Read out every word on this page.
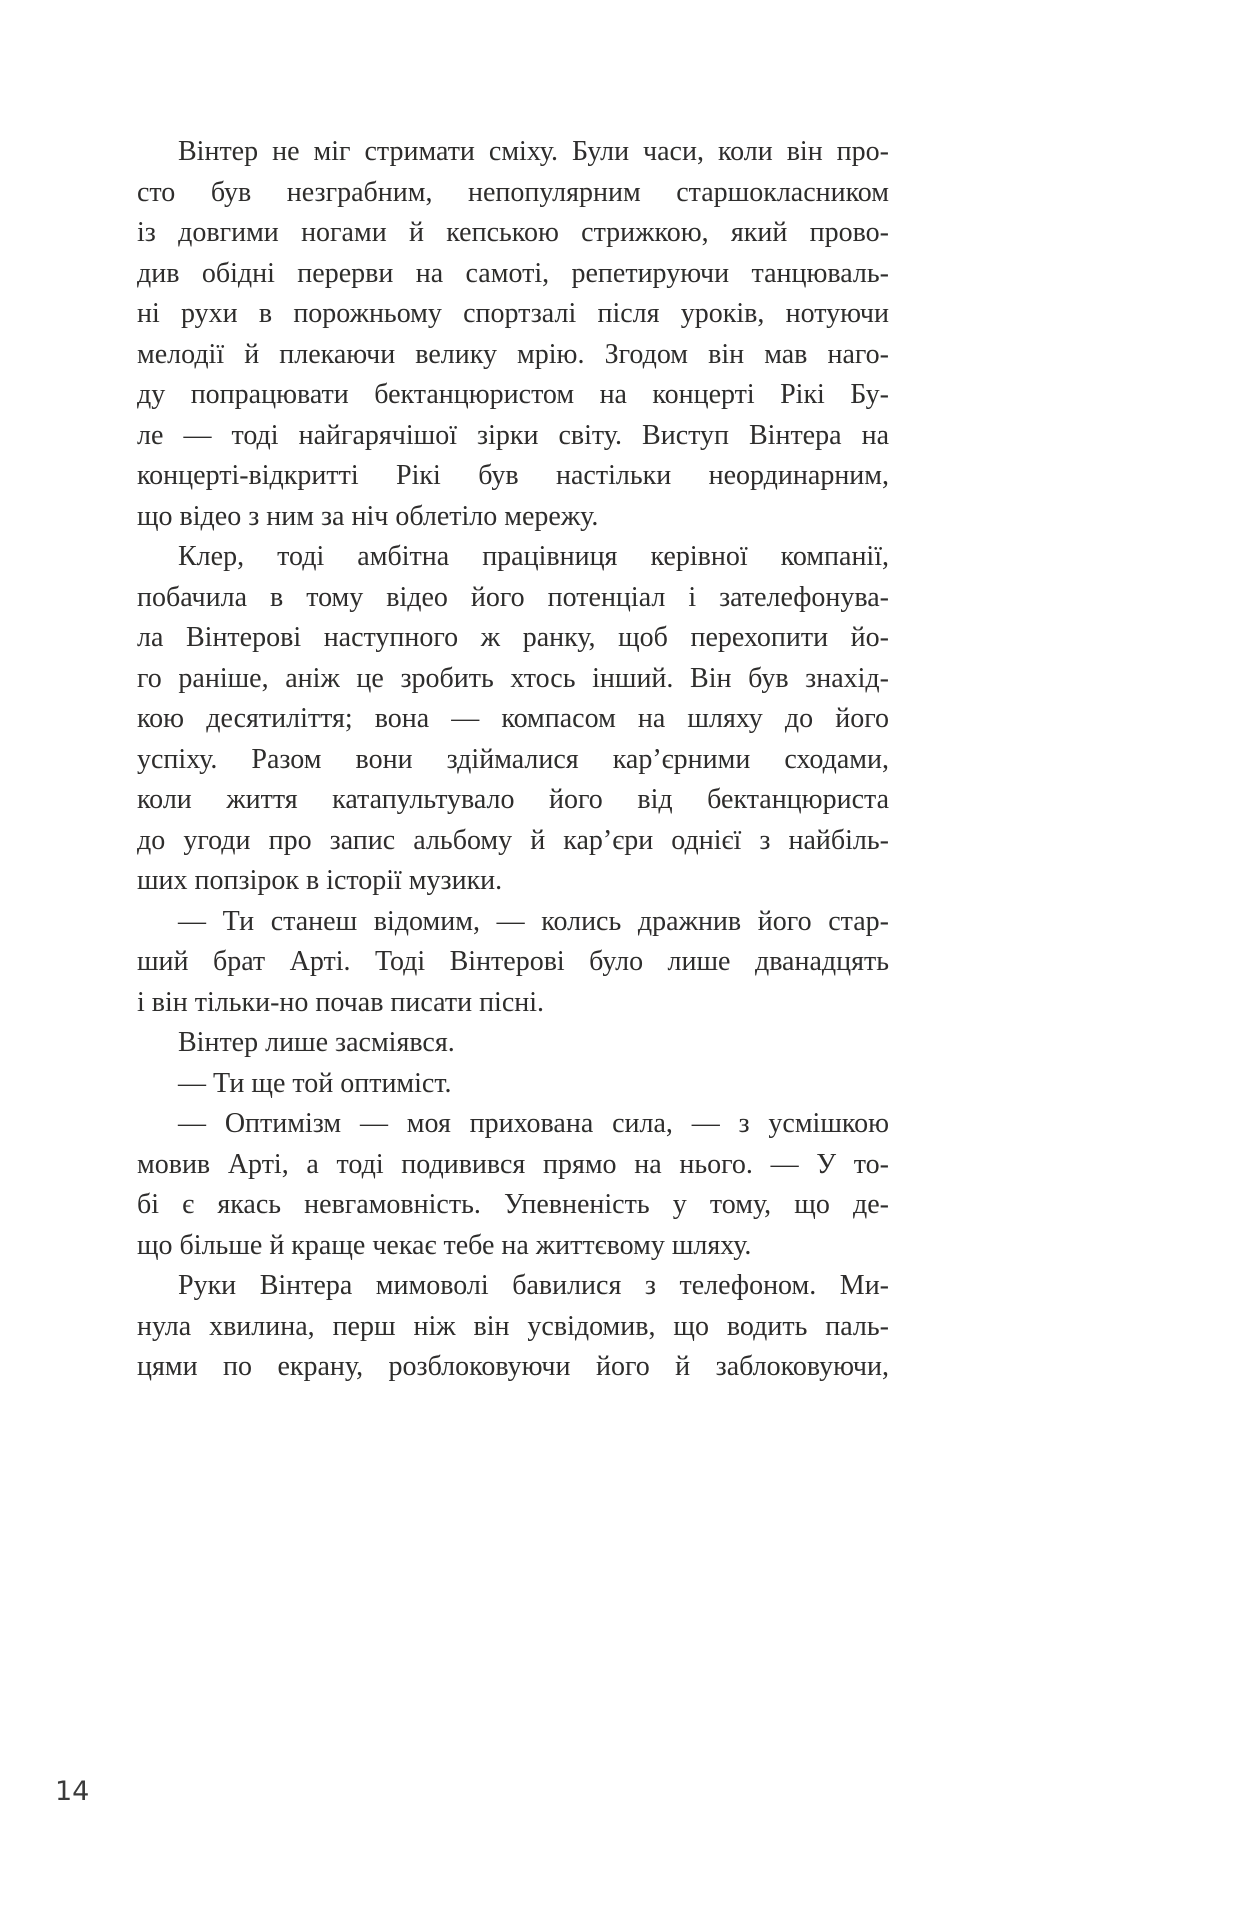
Вінтер не міг стримати сміху. Були часи, коли він про-
сто був незграбним, непопулярним старшокласником
із довгими ногами й кепською стрижкою, який прово-
див обідні перерви на самоті, репетируючи танцюваль-
ні рухи в порожньому спортзалі після уроків, нотуючи
мелодії й плекаючи велику мрію. Згодом він мав наго-
ду попрацювати бектанцюристом на концерті Рікі Бу-
ле — тоді найгарячішої зірки світу. Виступ Вінтера на
концерті-відкритті Рікі був настільки неординарним,
що відео з ним за ніч облетіло мережу.
Клер, тоді амбітна працівниця керівної компанії,
побачила в тому відео його потенціал і зателефонува-
ла Вінтерові наступного ж ранку, щоб перехопити йо-
го раніше, аніж це зробить хтось інший. Він був знахід-
кою десятиліття; вона — компасом на шляху до його
успіху. Разом вони здіймалися кар’єрними сходами,
коли життя катапультувало його від бектанцюриста
до угоди про запис альбому й кар’єри однієї з найбіль-
ших попзірок в історії музики.
— Ти станеш відомим, — колись дражнив його стар-
ший брат Арті. Тоді Вінтерові було лише дванадцять
і він тільки-но почав писати пісні.
Вінтер лише засміявся.
— Ти ще той оптиміст.
— Оптимізм — моя прихована сила, — з усмішкою
мовив Арті, а тоді подивився прямо на нього. — У то-
бі є якась невгамовність. Упевненість у тому, що де-
що більше й краще чекає тебе на життєвому шляху.
Руки Вінтера мимоволі бавилися з телефоном. Ми-
нула хвилина, перш ніж він усвідомив, що водить паль-
цями по екрану, розблоковуючи його й заблоковуючи,
14
